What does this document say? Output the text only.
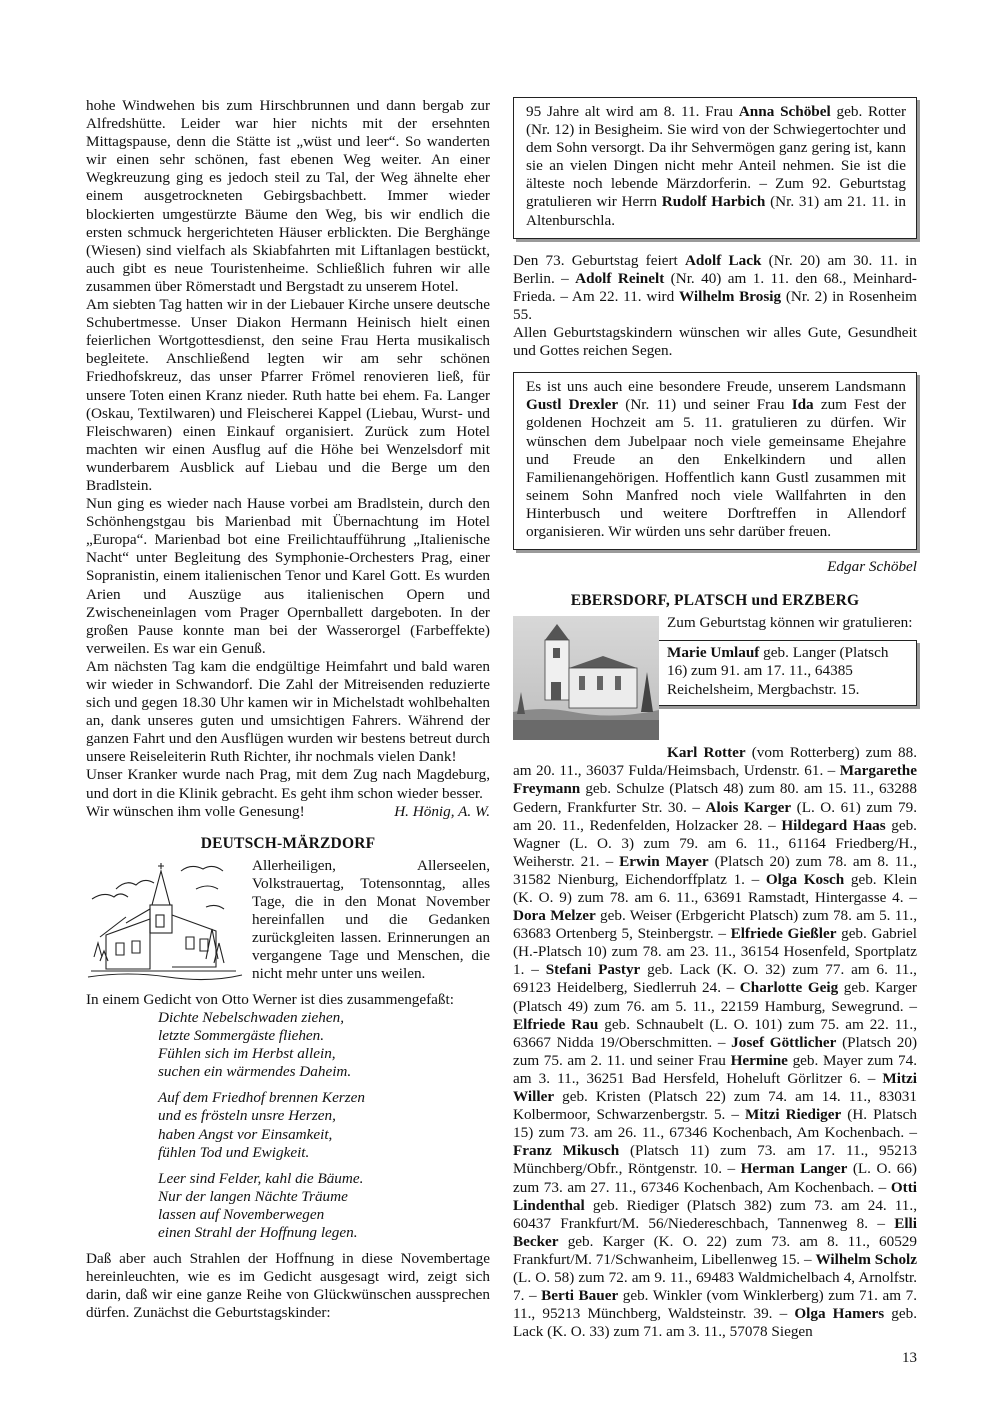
hohe Windwehen bis zum Hirschbrunnen und dann bergab zur Alfredshütte. Leider war hier nichts mit der ersehnten Mittagspause, denn die Stätte ist „wüst und leer“. So wanderten wir einen sehr schönen, fast ebenen Weg weiter. An einer Wegkreuzung ging es jedoch steil zu Tal, der Weg ähnelte eher einem ausgetrockneten Gebirgsbachbett. Immer wieder blockierten umgestürzte Bäume den Weg, bis wir endlich die ersten schmuck hergerichteten Häuser erblickten. Die Berghänge (Wiesen) sind vielfach als Skiabfahrten mit Liftanlagen bestückt, auch gibt es neue Touristenheime. Schließlich fuhren wir alle zusammen über Römerstadt und Bergstadt zu unserem Hotel.

Am siebten Tag hatten wir in der Liebauer Kirche unsere deutsche Schubertmesse. Unser Diakon Hermann Heinisch hielt einen feierlichen Wortgottesdienst, den seine Frau Herta musikalisch begleitete. Anschließend legten wir am sehr schönen Friedhofskreuz, das unser Pfarrer Frömel renovieren ließ, für unsere Toten einen Kranz nieder. Ruth hatte bei ehem. Fa. Langer (Oskau, Textilwaren) und Fleischerei Kappel (Liebau, Wurst- und Fleischwaren) einen Einkauf organisiert. Zurück zum Hotel machten wir einen Ausflug auf die Höhe bei Wenzelsdorf mit wunderbarem Ausblick auf Liebau und die Berge um den Bradlstein.

Nun ging es wieder nach Hause vorbei am Bradlstein, durch den Schönhengstgau bis Marienbad mit Übernachtung im Hotel „Europa“. Marienbad bot eine Freilichtaufführung „Italienische Nacht“ unter Begleitung des Symphonie-Orchesters Prag, einer Sopranistin, einem italienischen Tenor und Karel Gott. Es wurden Arien und Auszüge aus italienischen Opern und Zwischeneinlagen vom Prager Opernballett dargeboten. In der großen Pause konnte man bei der Wasserorgel (Farbeffekte) verweilen. Es war ein Genuß.

Am nächsten Tag kam die endgültige Heimfahrt und bald waren wir wieder in Schwandorf. Die Zahl der Mitreisenden reduzierte sich und gegen 18.30 Uhr kamen wir in Michelstadt wohlbehalten an, dank unseres guten und umsichtigen Fahrers. Während der ganzen Fahrt und den Ausflügen wurden wir bestens betreut durch unsere Reiseleiterin Ruth Richter, ihr nochmals vielen Dank!

Unser Kranker wurde nach Prag, mit dem Zug nach Magdeburg, und dort in die Klinik gebracht. Es geht ihm schon wieder besser.

Wir wünschen ihm volle Genesung!	H. Hönig, A. W.
DEUTSCH-MÄRZDORF

Allerheiligen, Allerseelen, Volkstrauertag, Totensonntag, alles Tage, die in den Monat November hereinfallen und die Gedanken zurückgleiten lassen. Erinnerungen an vergangene Tage und Menschen, die nicht mehr unter uns weilen.

In einem Gedicht von Otto Werner ist dies zusammengefaßt:

Dichte Nebelschwaden ziehen,

letzte Sommergäste fliehen.

Fühlen sich im Herbst allein,

suchen ein wärmendes Daheim.

Auf dem Friedhof brennen Kerzen

und es frösteln unsre Herzen,

haben Angst vor Einsamkeit,

fühlen Tod und Ewigkeit.

Leer sind Felder, kahl die Bäume.

Nur der langen Nächte Träume

lassen auf Novemberwegen

einen Strahl der Hoffnung legen.

Daß aber auch Strahlen der Hoffnung in diese Novembertage hereinleuchten, wie es im Gedicht ausgesagt wird, zeigt sich darin, daß wir eine ganze Reihe von Glückwünschen aussprechen dürfen. Zunächst die Geburtstagskinder:

95 Jahre alt wird am 8. 11. Frau Anna Schöbel geb. Rotter (Nr. 12) in Besigheim. Sie wird von der Schwiegertochter und dem Sohn versorgt. Da ihr Sehvermögen ganz gering ist, kann sie an vielen Dingen nicht mehr Anteil nehmen. Sie ist die älteste noch lebende Märzdorferin. – Zum 92. Geburtstag gratulieren wir Herrn Rudolf Harbich (Nr. 31) am 21. 11. in Altenburschla.

Den 73. Geburtstag feiert Adolf Lack (Nr. 20) am 30. 11. in Berlin. – Adolf Reinelt (Nr. 40) am 1. 11. den 68., Meinhard-Frieda. – Am 22. 11. wird Wilhelm Brosig (Nr. 2) in Rosenheim 55.

Allen Geburtstagskindern wünschen wir alles Gute, Gesundheit und Gottes reichen Segen.

Es ist uns auch eine besondere Freude, unserem Landsmann Gustl Drexler (Nr. 11) und seiner Frau Ida zum Fest der goldenen Hochzeit am 5. 11. gratulieren zu dürfen. Wir wünschen dem Jubelpaar noch viele gemeinsame Ehejahre und Freude an den Enkelkindern und allen Familienangehörigen. Hoffentlich kann Gustl zusammen mit seinem Sohn Manfred noch viele Wallfahrten in den Hinterbusch und weitere Dorftreffen in Allendorf organisieren. Wir würden uns sehr darüber freuen.

Edgar Schöbel

EBERSDORF, PLATSCH und ERZBERG

Zum Geburtstag können wir gratulieren:

Marie Umlauf geb. Langer (Platsch 16) zum 91. am 17. 11., 64385 Reichelsheim, Mergbachstr. 15.

Karl Rotter (vom Rotterberg) zum 88. am 20. 11., 36037 Fulda/Heimsbach, Urdenstr. 61. – Margarethe Freymann geb. Schulze (Platsch 48) zum 80. am 15. 11., 63288 Gedern, Frankfurter Str. 30. – Alois Karger (L. O. 61) zum 79. am 20. 11., Redenfelden, Holzacker 28. – Hildegard Haas geb. Wagner (L. O. 3) zum 79. am 6. 11., 61164 Friedberg/H., Weiherstr. 21. – Erwin Mayer (Platsch 20) zum 78. am 8. 11., 31582 Nienburg, Eichendorffplatz 1. – Olga Kosch geb. Klein (K. O. 9) zum 78. am 6. 11., 63691 Ramstadt, Hintergasse 4. – Dora Melzer geb. Weiser (Erbgericht Platsch) zum 78. am 5. 11., 63683 Ortenberg 5, Steinbergstr. – Elfriede Gießler geb. Gabriel (H.-Platsch 10) zum 78. am 23. 11., 36154 Hosenfeld, Sportplatz 1. – Stefani Pastyr geb. Lack (K. O. 32) zum 77. am 6. 11., 69123 Heidelberg, Siedlerruh 24. – Charlotte Geig geb. Karger (Platsch 49) zum 76. am 5. 11., 22159 Hamburg, Sewegrund. – Elfriede Rau geb. Schnaubelt (L. O. 101) zum 75. am 22. 11., 63667 Nidda 19/Oberschmitten. – Josef Göttlicher (Platsch 20) zum 75. am 2. 11. und seiner Frau Hermine geb. Mayer zum 74. am 3. 11., 36251 Bad Hersfeld, Hoheluft Görlitzer 6. – Mitzi Willer geb. Kristen (Platsch 22) zum 74. am 14. 11., 83031 Kolbermoor, Schwarzenbergstr. 5. – Mitzi Riediger (H. Platsch 15) zum 73. am 26. 11., 67346 Kochenbach, Am Kochenbach. – Franz Mikusch (Platsch 11) zum 73. am 17. 11., 95213 Münchberg/Obfr., Röntgenstr. 10. – Herman Langer (L. O. 66) zum 73. am 27. 11., 67346 Kochenbach, Am Kochenbach. – Otti Lindenthal geb. Riediger (Platsch 382) zum 73. am 24. 11., 60437 Frankfurt/M. 56/Niedereschbach, Tannenweg 8. – Elli Becker geb. Karger (K. O. 22) zum 73. am 8. 11., 60529 Frankfurt/M. 71/Schwanheim, Libellenweg 15. – Wilhelm Scholz (L. O. 58) zum 72. am 9. 11., 69483 Waldmichelbach 4, Arnolfstr. 7. – Berti Bauer geb. Winkler (vom Winklerberg) zum 71. am 7. 11., 95213 Münchberg, Waldsteinstr. 39. – Olga Hamers geb. Lack (K. O. 33) zum 71. am 3. 11., 57078 Siegen

13
